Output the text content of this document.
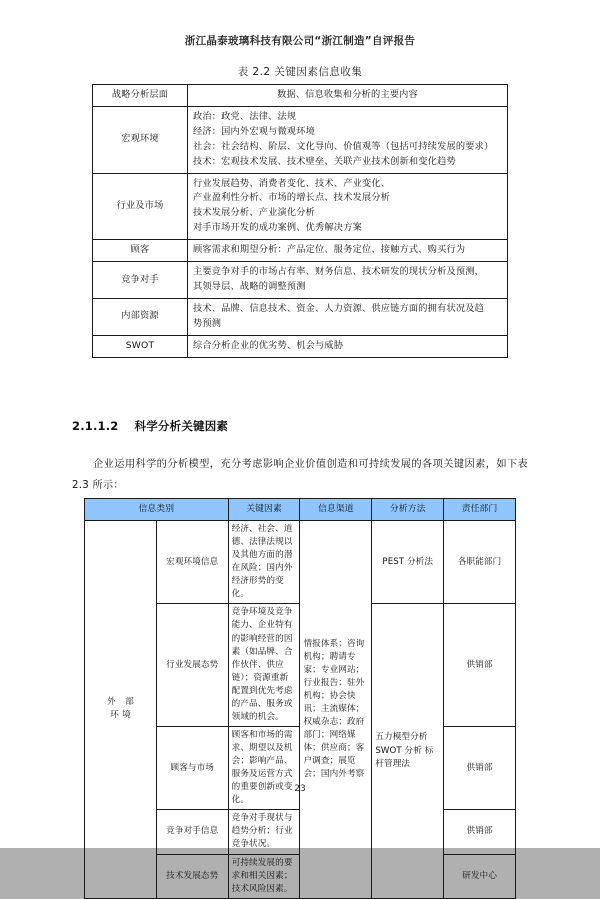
浙江晶泰玻璃科技有限公司“浙江制造”自评报告
表 2.2 关键因素信息收集
战略分析层面	数据、信息收集和分析的主要内容
宏观环境	政治：政党、法律、法规
经济：国内外宏观与微观环境
社会：社会结构、阶层、文化导向、价值观等（包括可持续发展的要求）
技术：宏观技术发展、技术壁垒、关联产业技术创新和变化趋势

行业及市场	行业发展趋势、消费者变化、技术、产业变化、
产业盈利性分析、市场的增长点、技术发展分析
技术发展分析、产业演化分析
对手市场开发的成功案例、优秀解决方案

顾客	顾客需求和期望分析：产品定位、服务定位、接触方式、购买行为

竞争对手	主要竞争对手的市场占有率、财务信息、技术研发的现状分析及预测，
其领导层、战略的调整预测

内部资源	技术、品牌、信息技术、资金、人力资源、供应链方面的拥有状况及趋
势预测

SWOT	综合分析企业的优劣势、机会与威胁
2.1.1.2 科学分析关键因素
企业运用科学的分析模型，充分考虑影响企业价值创造和可持续发展的各项关键因素，如下表 2.3 所示：
信息类别		关键因素	信息渠道	分析方法	责任部门

外 部
环境	宏观环境信息	经济、社会、道德、法律法规以及其他方面的潜在风险；国内外经济形势的变化。	情报体系；咨询机构；聘请专家；专业网站；行业报告；驻外机构；协会快讯；主流媒体；权威杂志；政府部门；网络媒体；供应商；客户调查；展览会；国内外考察	PEST 分析法	各职能部门
	行业发展态势	竞争环境及竞争能力、企业特有的影响经营的因素（如品牌、合作伙伴、供应链）；资源重新配置到优先考虑的产品、服务或领域的机会。		五力模型分析 SWOT 分析 标杆管理法	供销部
	顾客与市场	顾客和市场的需求、期望以及机会；影响产品、服务及运营方式的重要创新或变化。			供销部
	竞争对手信息	竞争对手现状与趋势分析；行业竞争状况。			供销部
	技术发展态势	可持续发展的要求和相关因素；技术风险因素。			研发中心
23
